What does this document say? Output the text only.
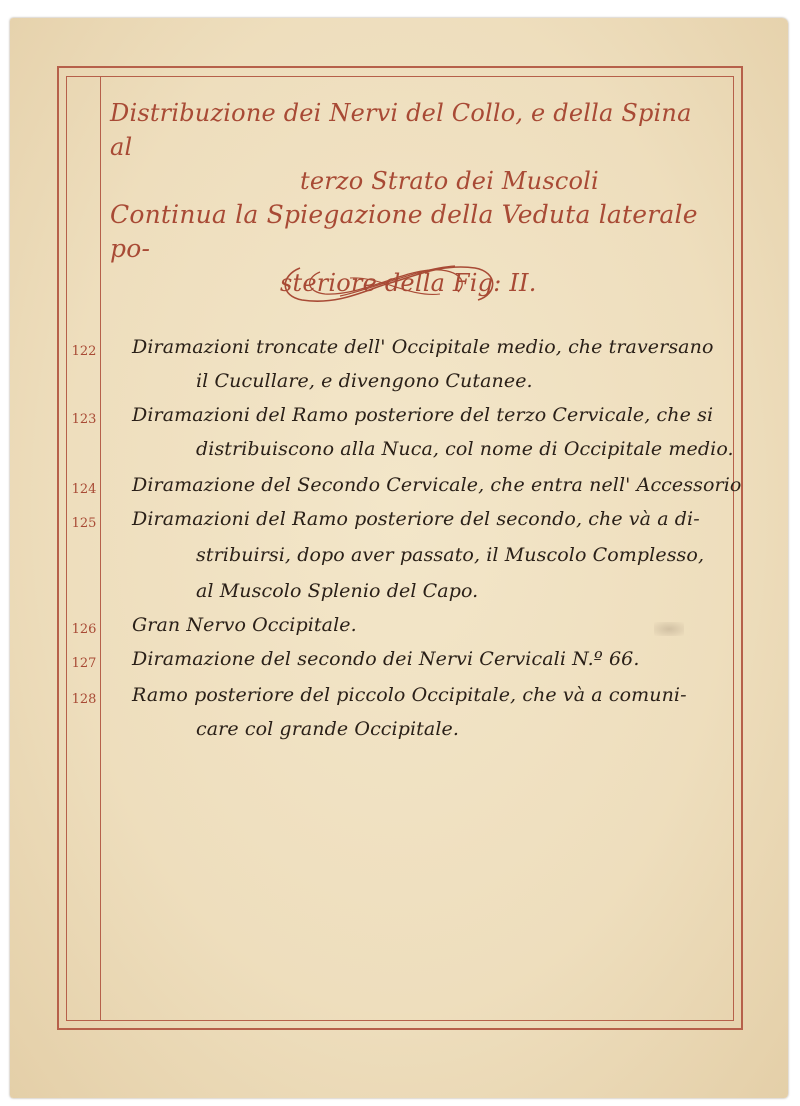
Distribuzione dei Nervi del Collo, e della Spina al
terzo Strato dei Muscoli
Continua la Spiegazione della Veduta laterale po-
steriore della Fig: II.
122 Diramazioni troncate dell' Occipitale medio, che traversano
il Cucullare, e divengono Cutanee.
123 Diramazioni del Ramo posteriore del terzo Cervicale, che si
distribuiscono alla Nuca, col nome di Occipitale medio.
124 Diramazione del Secondo Cervicale, che entra nell' Accessorio
125 Diramazioni del Ramo posteriore del secondo, che và a di-
stribuirsi, dopo aver passato, il Muscolo Complesso,
al Muscolo Splenio del Capo.
126 Gran Nervo Occipitale.
127 Diramazione del secondo dei Nervi Cervicali N.º 66.
128 Ramo posteriore del piccolo Occipitale, che và a comuni-
care col grande Occipitale.
